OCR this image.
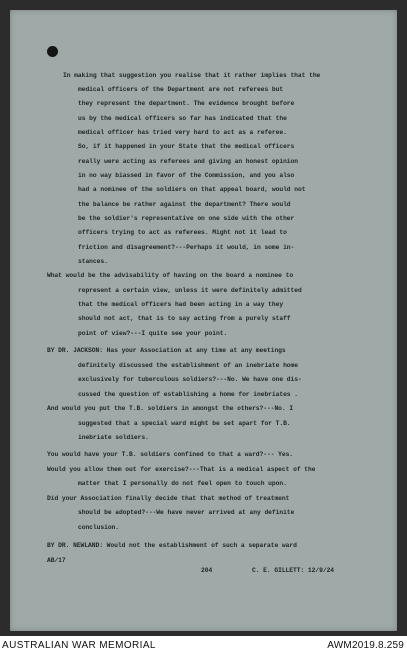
In making that suggestion you realise that it rather implies that the
medical officers of the Department are not referees but
they represent the department. The evidence brought before
us by the medical officers so far has indicated that the
medical officer has tried very hard to act as a referee.
So, if it happened in your State that the medical officers
really were acting as referees and giving an honest opinion
in no way biassed in favor of the Commission, and you also
had a nominee of the soldiers on that appeal board, would not
the balance be rather against the department? There would
be the soldier's representative on one side with the other
officers trying to act as referees. Might not it lead to
friction and disagreement?---Perhaps it would, in some in-
stances.
What would be the advisability of having on the board a nominee to
represent a certain view, unless it were definitely admitted
that the medical officers had been acting in a way they
should not act, that is to say acting from a purely staff
point of view?---I quite see your point.
BY DR. JACKSON: Has your Association at any time at any meetings
definitely discussed the establishment of an inebriate home
exclusively for tuberculous soldiers?---No. We have one dis-
cussed the question of establishing a home for inebriates .
And would you put the T.B. soldiers in amongst the others?---No. I
suggested that a special ward might be set apart for T.B.
inebriate soldiers.
You would have your T.B. soldiers confined to that a ward?--- Yes.
Would you allow them out for exercise?---That is a medical aspect of the
matter that I personally do not feel open to touch upon.
Did your Association finally decide that that method of treatment
should be adopted?---We have never arrived at any definite
conclusion.
BY DR. NEWLAND: Would not the establishment of such a separate ward
AB/17
204	C. E. GILLETT: 12/9/24
AUSTRALIAN WAR MEMORIAL	AWM2019.8.259
